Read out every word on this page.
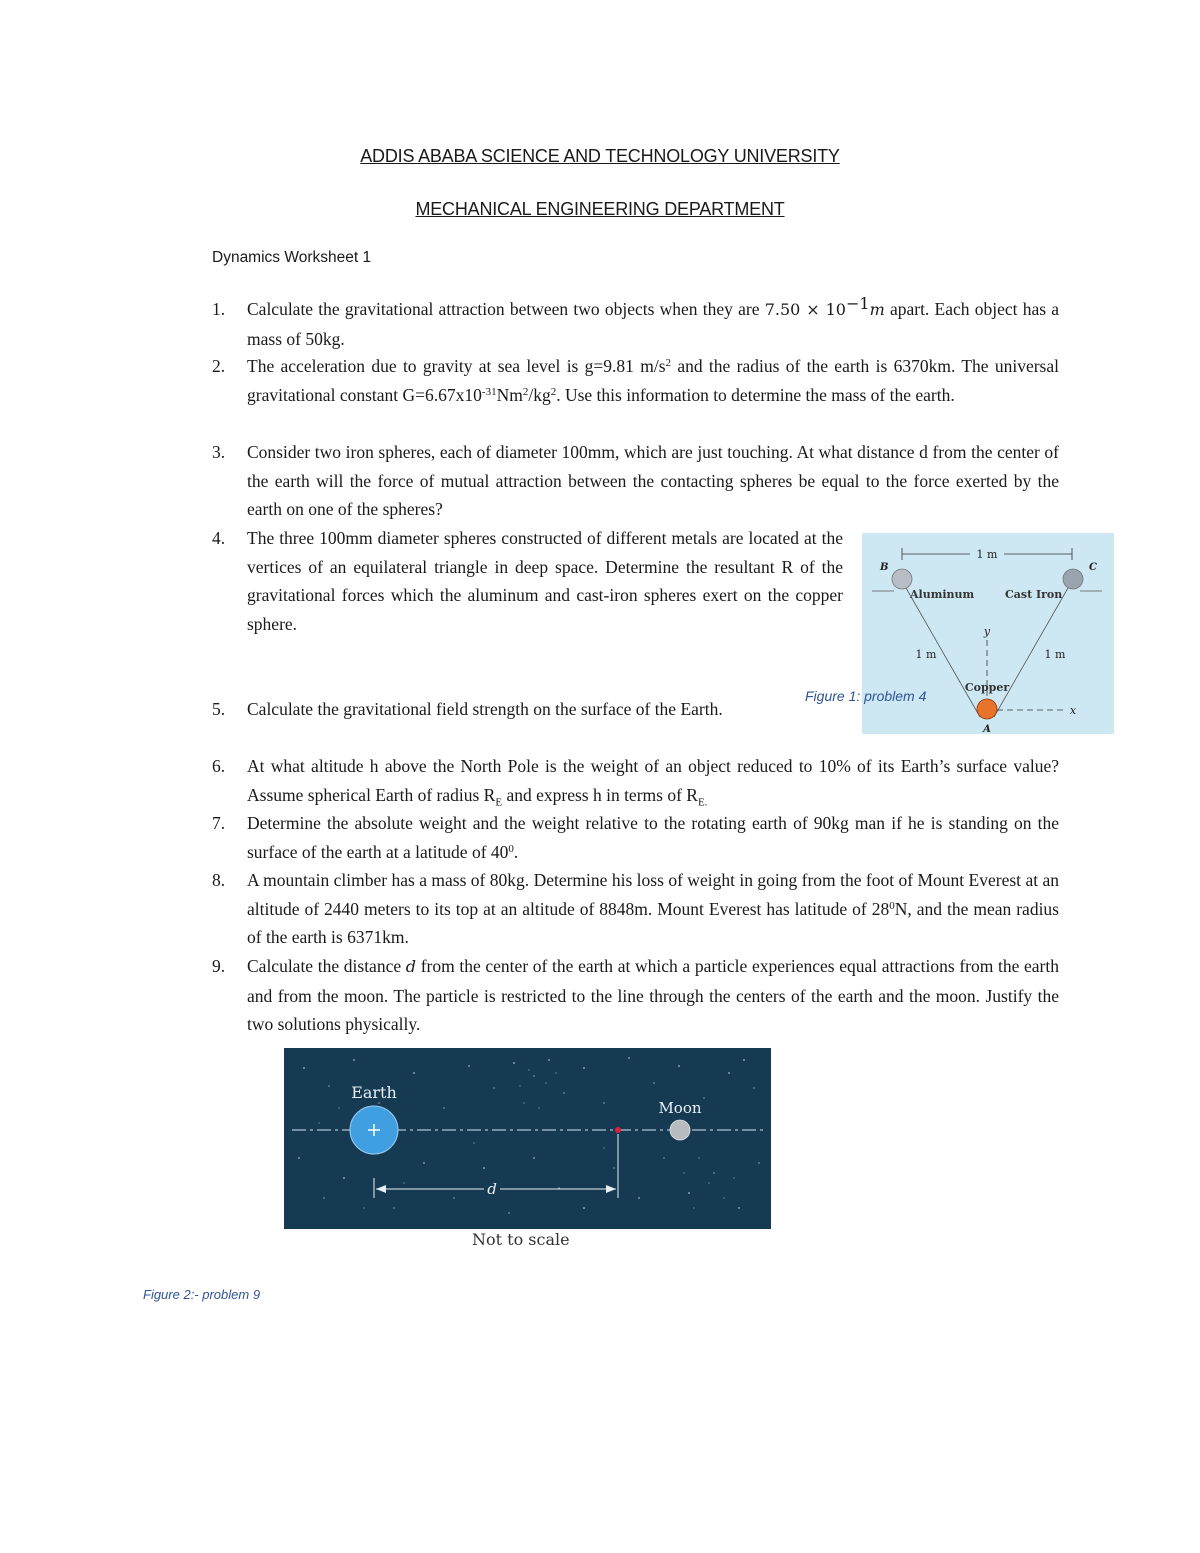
ADDIS ABABA SCIENCE AND TECHNOLOGY UNIVERSITY
MECHANICAL ENGINEERING DEPARTMENT
Dynamics Worksheet 1
1.	Calculate the gravitational attraction between two objects when they are $7.50 \times 10^{-1}m$ apart. Each object has a mass of 50kg.
2.	The acceleration due to gravity at sea level is g=9.81 $m/s^2$ and the radius of the earth is 6370km. The universal gravitational constant $G=6.67x10^{-31}Nm^2/kg^2$. Use this information to determine the mass of the earth.
3.	Consider two iron spheres, each of diameter 100mm, which are just touching. At what distance d from the center of the earth will the force of mutual attraction between the contacting spheres be equal to the force exerted by the earth on one of the spheres?
4.	The three 100mm diameter spheres constructed of different metals are located at the vertices of an equilateral triangle in deep space. Determine the resultant R of the gravitational forces which the aluminum and cast-iron spheres exert on the copper sphere.
1 m
y
x
B	C
A
Aluminum	Cast Iron
Copper
1 m	1 m
Figure 1: problem 4
5.	Calculate the gravitational field strength on the surface of the Earth.
6.	At what altitude h above the North Pole is the weight of an object reduced to 10% of its Earth’s surface value? Assume spherical Earth of radius $R_E$ and express h in terms of $R_{E.}$
7.	Determine the absolute weight and the weight relative to the rotating earth of 90kg man if he is standing on the surface of the earth at a latitude of $40^0$.
8.	A mountain climber has a mass of 80kg. Determine his loss of weight in going from the foot of Mount Everest at an altitude of 2440 meters to its top at an altitude of 8848m. Mount Everest has latitude of $28^0N$, and the mean radius of the earth is 6371km.
9.	Calculate the distance d from the center of the earth at which a particle experiences equal attractions from the earth and from the moon. The particle is restricted to the line through the centers of the earth and the moon. Justify the two solutions physically.
Earth
Moon
d
Not to scale
Figure 2:- problem 9
